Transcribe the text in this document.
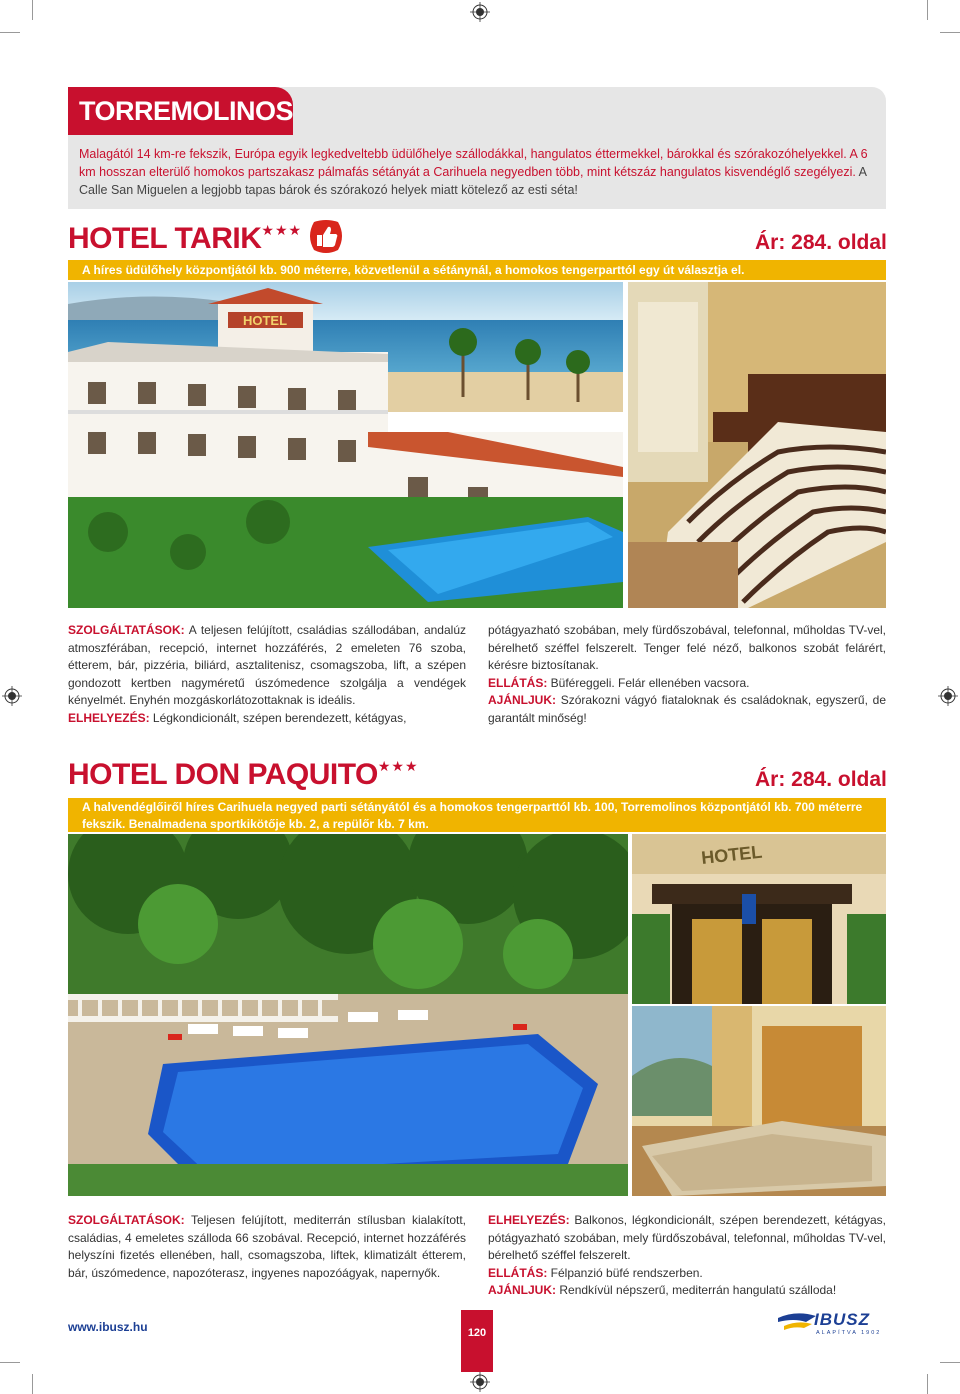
TORREMOLINOS
Malagától 14 km-re fekszik, Európa egyik legkedveltebb üdülőhelye szállodákkal, hangulatos éttermekkel, bárokkal és szórakozóhelyekkel. A 6 km hosszan elterülő homokos partszakasz pálmafás sétányát a Carihuela negyedben több, mint kétszáz hangulatos kisvendéglő szegélyezi. A Calle San Miguelen a legjobb tapas bárok és szórakozó helyek miatt kötelező az esti séta!
HOTEL TARIK★★★
Ár: 284. oldal
A híres üdülőhely központjától kb. 900 méterre, közvetlenül a sétánynál, a homokos tengerparttól egy út választja el.
HOTEL
SZOLGÁLTATÁSOK: A teljesen felújított, családias szállodában, andalúz atmoszférában, recepció, internet hozzáférés, 2 emeleten 76 szoba, étterem, bár, pizzéria, biliárd, asztalitenisz, csomagszoba, lift, a szépen gondozott kertben nagyméretű úszómedence szolgálja a vendégek kényelmét. Enyhén mozgáskorlátozottaknak is ideális.
ELHELYEZÉS: Légkondicionált, szépen berendezett, kétágyas,
pótágyazható szobában, mely fürdőszobával, telefonnal, műholdas TV-vel, bérelhető széffel felszerelt. Tenger felé néző, balkonos szobát felárért, kérésre biztosítanak.
ELLÁTÁS: Büféreggeli. Felár ellenében vacsora.
AJÁNLJUK: Szórakozni vágyó fiataloknak és családoknak, egyszerű, de garantált minőség!
HOTEL DON PAQUITO★★★
Ár: 284. oldal
A halvendéglőiről híres Carihuela negyed parti sétányától és a homokos tengerparttól kb. 100, Torremolinos központjától kb. 700 méterre fekszik. Benalmadena sportkikötője kb. 2, a repülőr kb. 7 km.
HOTEL
SZOLGÁLTATÁSOK: Teljesen felújított, mediterrán stílusban kialakított, családias, 4 emeletes szálloda 66 szobával. Recepció, internet hozzáférés helyszíni fizetés ellenében, hall, csomagszoba, liftek, klimatizált étterem, bár, úszómedence, napozóterasz, ingyenes napozóágyak, napernyők.
ELHELYEZÉS: Balkonos, légkondicionált, szépen berendezett, kétágyas, pótágyazható szobában, mely fürdőszobával, telefonnal, műholdas TV-vel, bérelhető széffel felszerelt.
ELLÁTÁS: Félpanzió büfé rendszerben.
AJÁNLJUK: Rendkívül népszerű, mediterrán hangulatú szálloda!
www.ibusz.hu	120
IBUSZ
ALAPÍTVA 1902
